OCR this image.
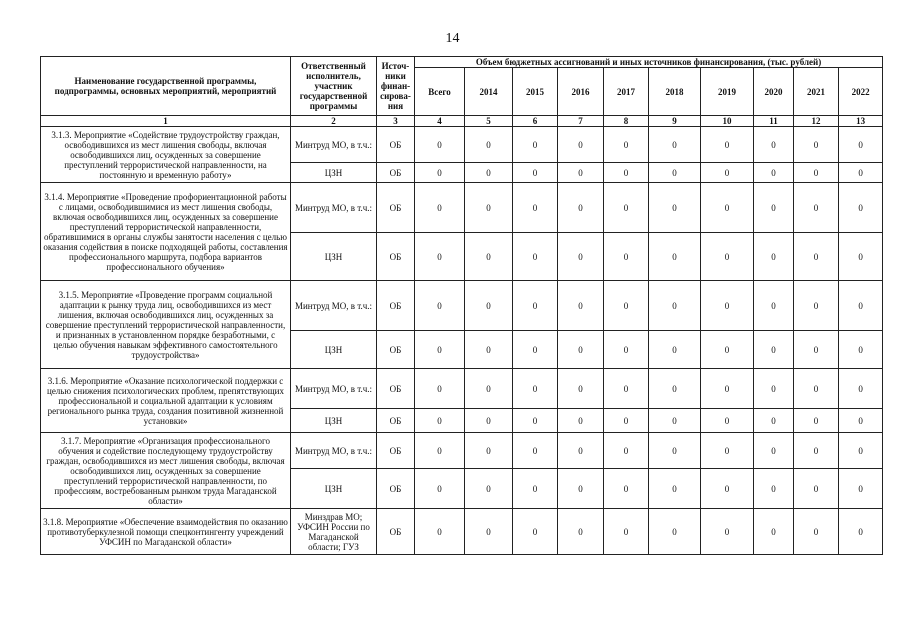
14
Наименование государственной программы, подпрограммы, основных мероприятий, мероприятий	Ответственный исполнитель, участник государственной программы	Источ-ники финан-сирова-ния	Объем бюджетных ассигнований и иных источников финансирования, (тыс. рублей)									
			Всего	2014	2015	2016	2017	2018	2019	2020	2021	2022
1	2	3	4	5	6	7	8	9	10	11	12	13
3.1.3. Мероприятие «Содействие трудоустройству граждан, освободившихся из мест лишения свободы, включая освободившихся лиц, осужденных за совершение преступлений террористической направленности, на постоянную и временную работу»	Минтруд МО, в т.ч.:	ОБ	0	0	0	0	0	0	0	0	0	0
	ЦЗН	ОБ	0	0	0	0	0	0	0	0	0	0
3.1.4. Мероприятие «Проведение профориентационной работы с лицами, освободившимися из мест лишения свободы, включая освободившихся лиц, осужденных за совершение преступлений террористической направленности, обратившимися в органы службы занятости населения с целью оказания содействия в поиске подходящей работы, составления профессионального маршрута, подбора вариантов профессионального обучения»	Минтруд МО, в т.ч.:	ОБ	0	0	0	0	0	0	0	0	0	0
	ЦЗН	ОБ	0	0	0	0	0	0	0	0	0	0
3.1.5. Мероприятие «Проведение программ социальной адаптации к рынку труда лиц, освободившихся из мест лишения, включая освободившихся лиц, осужденных за совершение преступлений террористической направленности, и признанных в установленном порядке безработными, с целью обучения навыкам эффективного самостоятельного трудоустройства»	Минтруд МО, в т.ч.:	ОБ	0	0	0	0	0	0	0	0	0	0
	ЦЗН	ОБ	0	0	0	0	0	0	0	0	0	0
3.1.6. Мероприятие «Оказание психологической поддержки с целью снижения психологических проблем, препятствующих профессиональной и социальной адаптации к условиям регионального рынка труда, создания позитивной жизненной установки»	Минтруд МО, в т.ч.:	ОБ	0	0	0	0	0	0	0	0	0	0
	ЦЗН	ОБ	0	0	0	0	0	0	0	0	0	0
3.1.7. Мероприятие «Организация профессионального обучения и содействие последующему трудоустройству граждан, освободившихся из мест лишения свободы, включая освободившихся лиц, осужденных за совершение преступлений террористической направленности, по профессиям, востребованным рынком труда Магаданской области»	Минтруд МО, в т.ч.:	ОБ	0	0	0	0	0	0	0	0	0	0
	ЦЗН	ОБ	0	0	0	0	0	0	0	0	0	0
3.1.8. Мероприятие «Обеспечение взаимодействия по оказанию противотуберкулезной помощи спецконтингенту учреждений УФСИН по Магаданской области»	Минздрав МО; УФСИН России по Магаданской области; ГУЗ	ОБ	0	0	0	0	0	0	0	0	0	0
